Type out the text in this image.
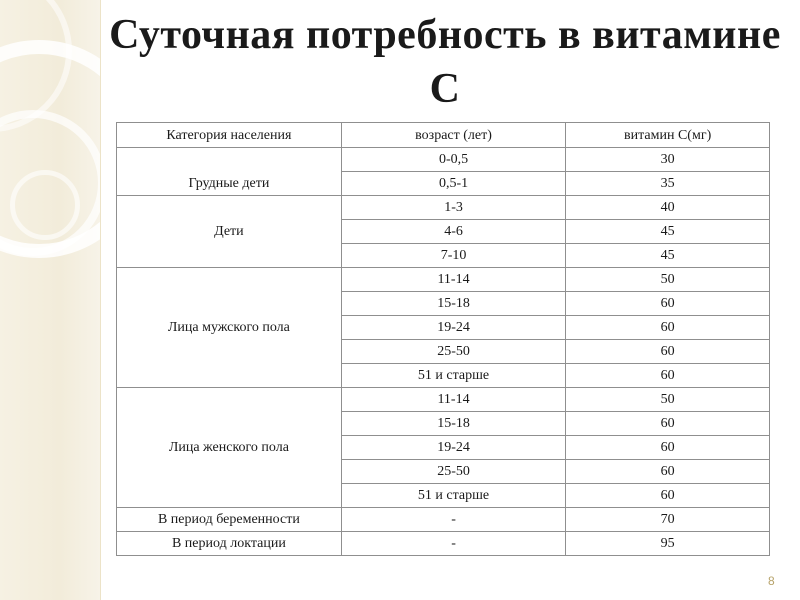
Суточная потребность в витамине С
Категория населения	возраст (лет)	витамин С(мг)
Грудные дети	0-0,5	30
	0,5-1	35
Дети	1-3	40
	4-6	45
	7-10	45
Лица мужского пола	11-14	50
	15-18	60
	19-24	60
	25-50	60
	51 и старше	60
Лица женского пола	11-14	50
	15-18	60
	19-24	60
	25-50	60
	51 и старше	60
В период беременности	-	70
В период локтации	-	95
8
